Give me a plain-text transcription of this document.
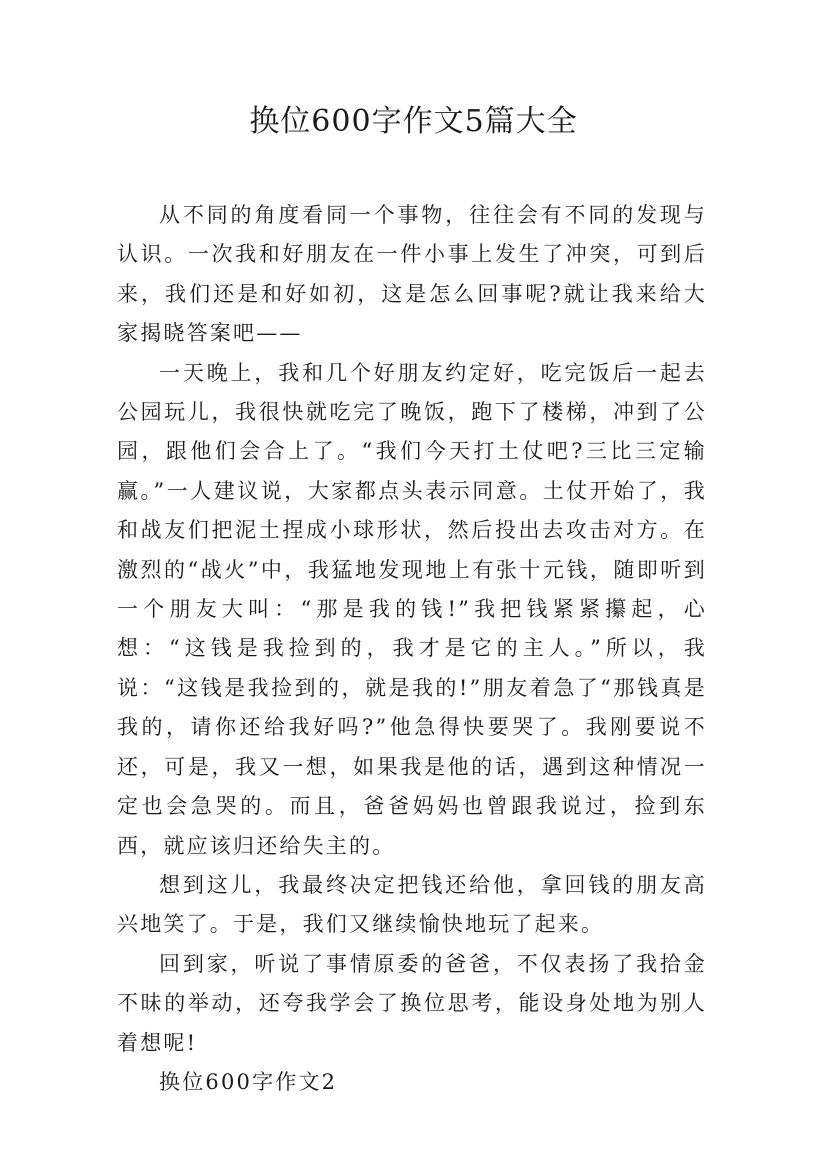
换位600字作文5篇大全

从不同的角度看同一个事物，往往会有不同的发现与认识。一次我和好朋友在一件小事上发生了冲突，可到后来，我们还是和好如初，这是怎么回事呢?就让我来给大家揭晓答案吧——

一天晚上，我和几个好朋友约定好，吃完饭后一起去公园玩儿，我很快就吃完了晚饭，跑下了楼梯，冲到了公园，跟他们会合上了。“我们今天打土仗吧?三比三定输赢。”一人建议说，大家都点头表示同意。土仗开始了，我和战友们把泥土捏成小球形状，然后投出去攻击对方。在激烈的“战火”中，我猛地发现地上有张十元钱，随即听到一个朋友大叫：“那是我的钱!”我把钱紧紧攥起，心想：“这钱是我捡到的，我才是它的主人。”所以，我说：“这钱是我捡到的，就是我的!”朋友着急了“那钱真是我的，请你还给我好吗?”他急得快要哭了。我刚要说不还，可是，我又一想，如果我是他的话，遇到这种情况一定也会急哭的。而且，爸爸妈妈也曾跟我说过，捡到东西，就应该归还给失主的。

想到这儿，我最终决定把钱还给他，拿回钱的朋友高兴地笑了。于是，我们又继续愉快地玩了起来。

回到家，听说了事情原委的爸爸，不仅表扬了我拾金不昧的举动，还夸我学会了换位思考，能设身处地为别人着想呢!

换位600字作文2
